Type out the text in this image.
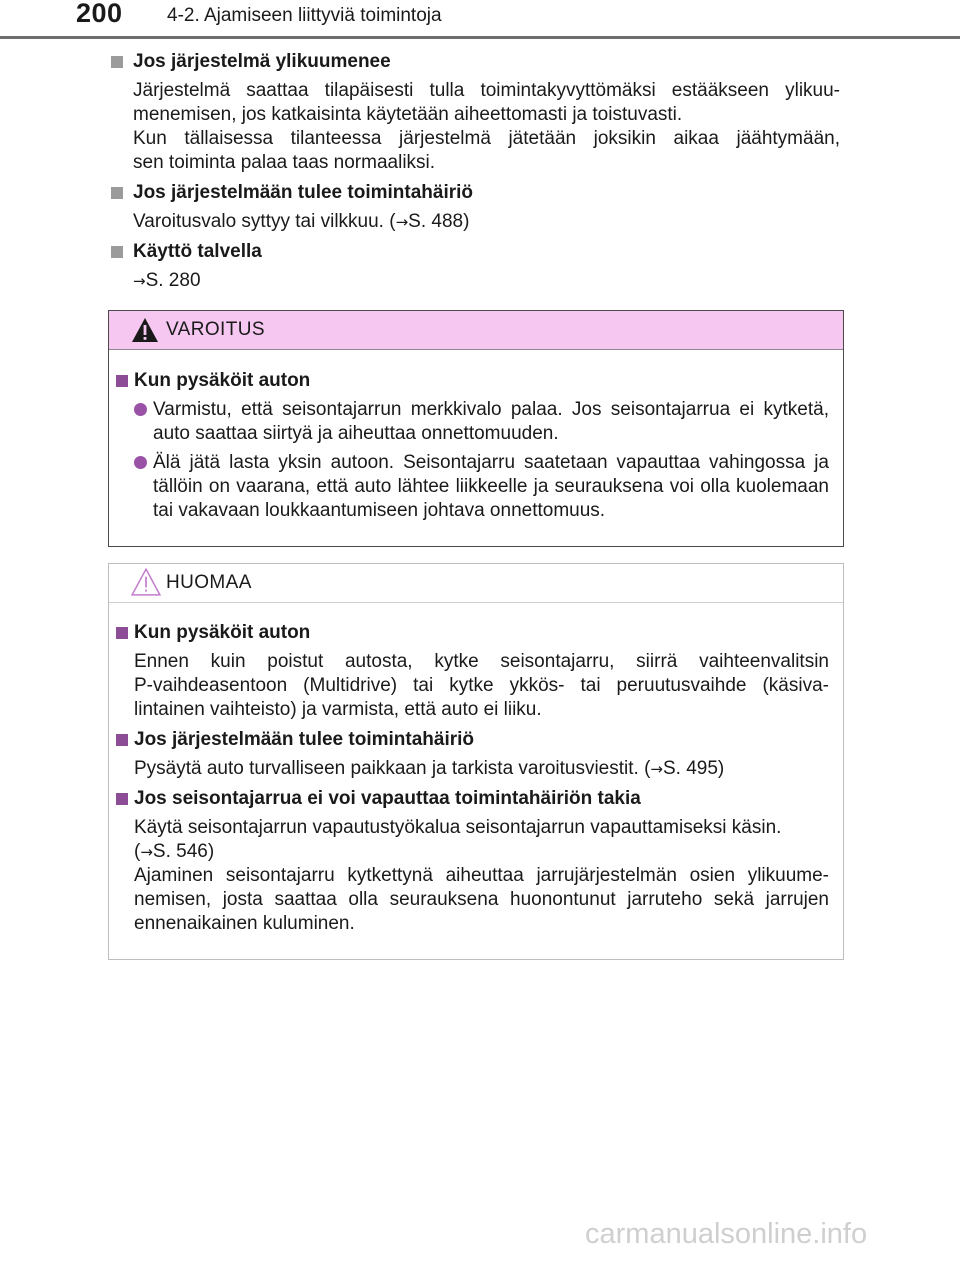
200 4-2. Ajamiseen liittyviä toimintoja
Jos järjestelmä ylikuumenee

Järjestelmä saattaa tilapäisesti tulla toimintakyvyttömäksi estääkseen ylikuu-

menemisen, jos katkaisinta käytetään aiheettomasti ja toistuvasti.

Kun tällaisessa tilanteessa järjestelmä jätetään joksikin aikaa jäähtymään,

sen toiminta palaa taas normaaliksi.

Jos järjestelmään tulee toimintahäiriö
Varoitusvalo syttyy tai vilkkuu. (→S. 488)
Käyttö talvella
→S. 280
VAROITUS
Kun pysäköit auton
Varmistu, että seisontajarrun merkkivalo palaa. Jos seisontajarrua ei kytketä, auto saattaa siirtyä ja aiheuttaa onnettomuuden.
Älä jätä lasta yksin autoon. Seisontajarru saatetaan vapauttaa vahingossa ja tällöin on vaarana, että auto lähtee liikkeelle ja seurauksena voi olla kuolemaan tai vakavaan loukkaantumiseen johtava onnettomuus.
HUOMAA
Kun pysäköit auton

Ennen kuin poistut autosta, kytke seisontajarru, siirrä vaihteenvalitsin

P-vaihdeasentoon (Multidrive) tai kytke ykkös- tai peruutusvaihde (käsiva-

lintainen vaihteisto) ja varmista, että auto ei liiku.

Jos järjestelmään tulee toimintahäiriö
Pysäytä auto turvalliseen paikkaan ja tarkista varoitusviestit. (→S. 495)
Jos seisontajarrua ei voi vapauttaa toimintahäiriön takia

Käytä seisontajarrun vapautustyökalua seisontajarrun vapauttamiseksi käsin.

(→S. 546)

Ajaminen seisontajarru kytkettynä aiheuttaa jarrujärjestelmän osien ylikuume-

nemisen, josta saattaa olla seurauksena huonontunut jarruteho sekä jarrujen

ennenaikainen kuluminen.

carmanualsonline.info
